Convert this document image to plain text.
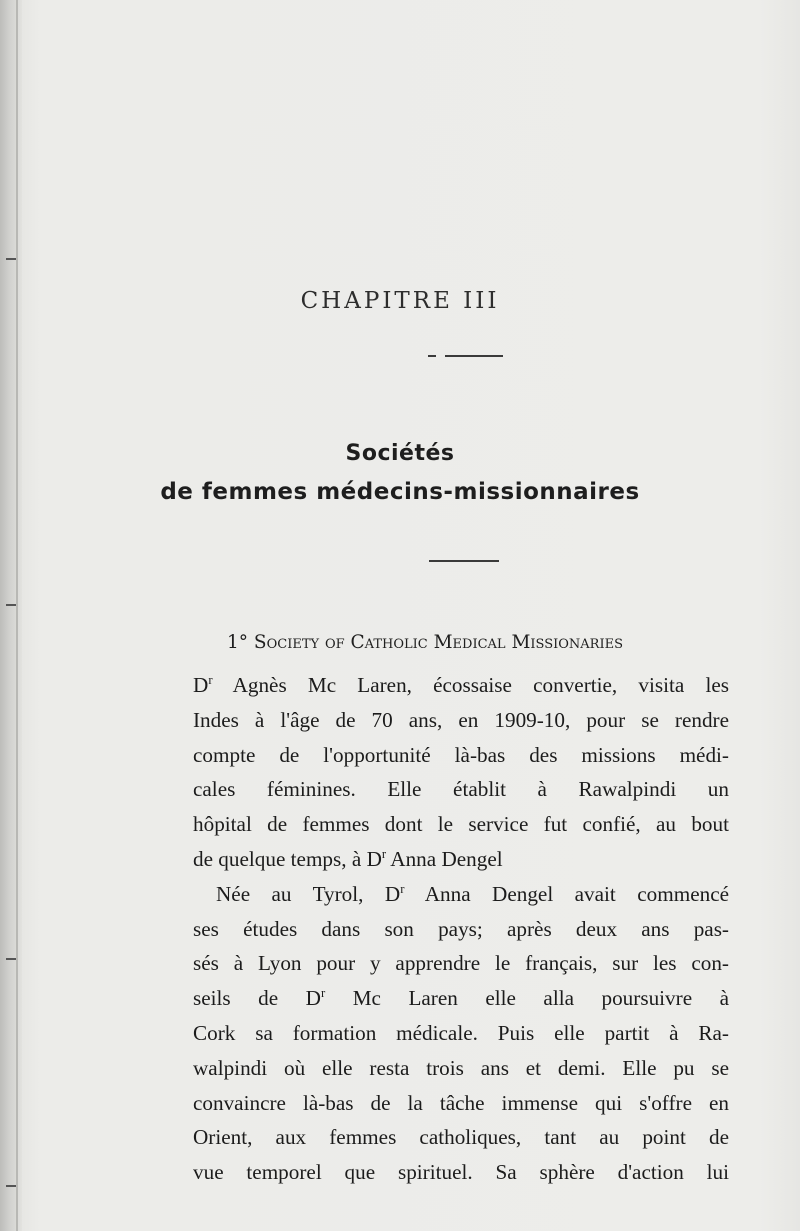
CHAPITRE III
Sociétés
de femmes médecins-missionnaires
1° Society of Catholic Medical Missionaries
$D^r$ Agnès Mc Laren, écossaise convertie, visita les
Indes à l'âge de 70 ans, en 1909-10, pour se rendre
compte de l'opportunité là-bas des missions médi-
cales féminines. Elle établit à Rawalpindi un
hôpital de femmes dont le service fut confié, au bout
de quelque temps, à $D^r$ Anna Dengel
Née au Tyrol, $D^r$ Anna Dengel avait commencé
ses études dans son pays; après deux ans pas-
sés à Lyon pour y apprendre le français, sur les con-
seils de $D^r$ Mc Laren elle alla poursuivre à
Cork sa formation médicale. Puis elle partit à Ra-
walpindi où elle resta trois ans et demi. Elle pu se
convaincre là-bas de la tâche immense qui s'offre en
Orient, aux femmes catholiques, tant au point de
vue temporel que spirituel. Sa sphère d'action lui
